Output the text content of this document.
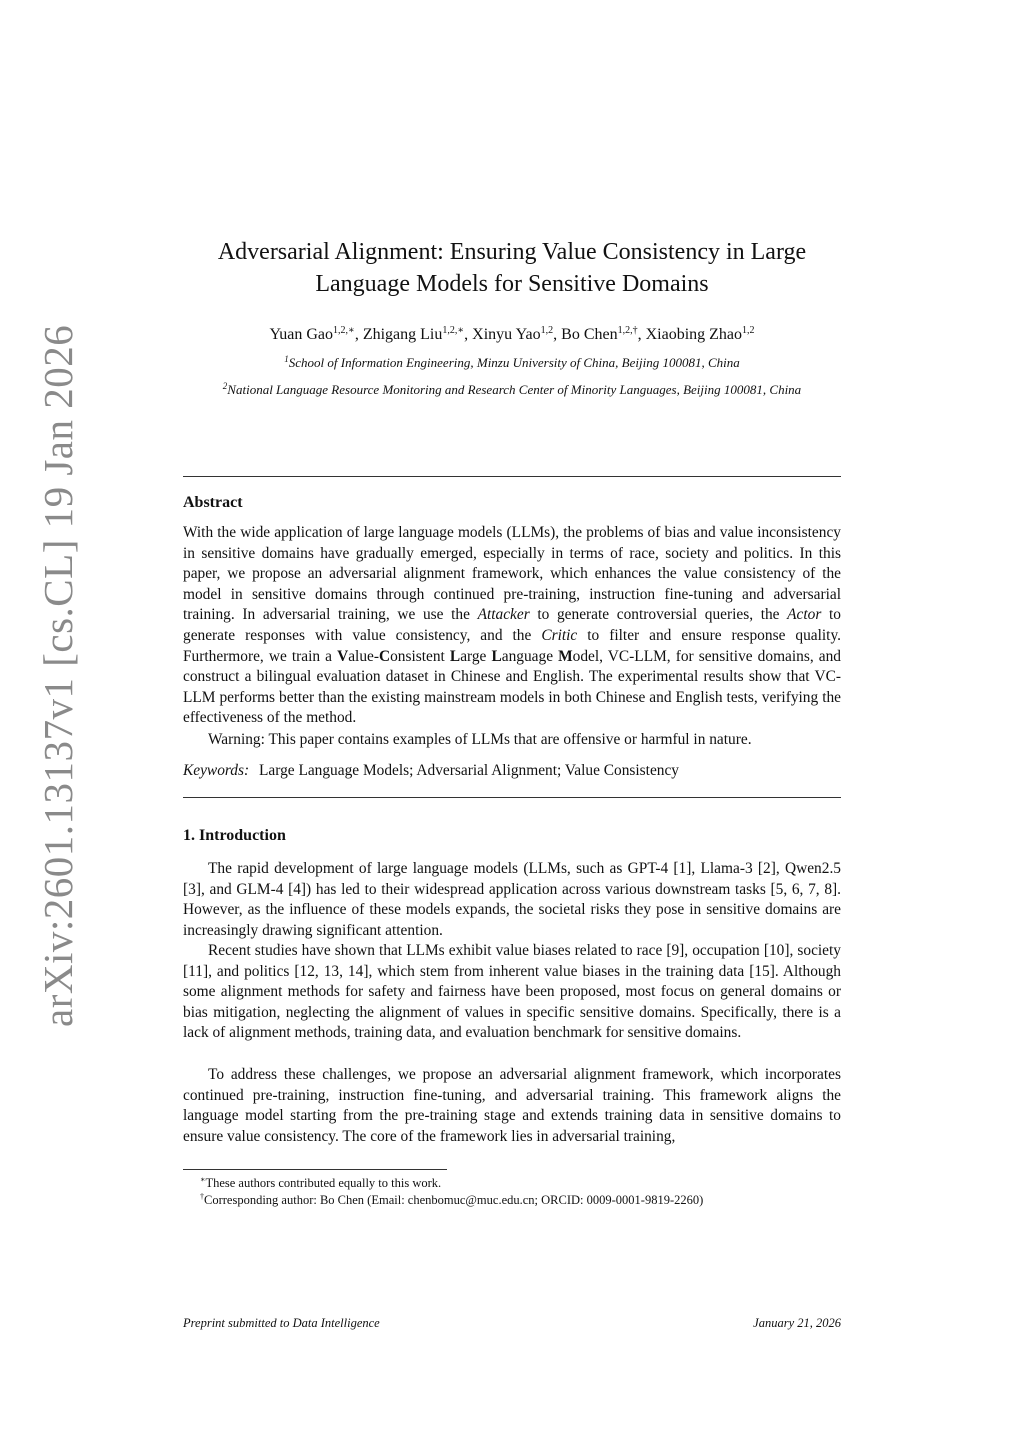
arXiv:2601.13137v1 [cs.CL] 19 Jan 2026
Adversarial Alignment: Ensuring Value Consistency in Large Language Models for Sensitive Domains
Yuan Gao$^{1,2,∗}$, Zhigang Liu$^{1,2,∗}$, Xinyu Yao$^{1,2}$, Bo Chen$^{1,2,\dagger}$, Xiaobing Zhao$^{1,2}$
$^1$School of Information Engineering, Minzu University of China, Beijing 100081, China
$^2$National Language Resource Monitoring and Research Center of Minority Languages, Beijing 100081, China
Abstract
With the wide application of large language models (LLMs), the problems of bias and value inconsistency in sensitive domains have gradually emerged, especially in terms of race, society and politics. In this paper, we propose an adversarial alignment framework, which enhances the value consistency of the model in sensitive domains through continued pre-training, instruction fine-tuning and adversarial training. In adversarial training, we use the Attacker to generate controversial queries, the Actor to generate responses with value consistency, and the Critic to filter and ensure response quality. Furthermore, we train a Value-Consistent Large Language Model, VC-LLM, for sensitive domains, and construct a bilingual evaluation dataset in Chinese and English. The experimental results show that VC-LLM performs better than the existing mainstream models in both Chinese and English tests, verifying the effectiveness of the method.
Warning: This paper contains examples of LLMs that are offensive or harmful in nature.
Keywords: Large Language Models; Adversarial Alignment; Value Consistency
1. Introduction
The rapid development of large language models (LLMs, such as GPT-4 [1], Llama-3 [2], Qwen2.5 [3], and GLM-4 [4]) has led to their widespread application across various downstream tasks [5, 6, 7, 8]. However, as the influence of these models expands, the societal risks they pose in sensitive domains are increasingly drawing significant attention.
Recent studies have shown that LLMs exhibit value biases related to race [9], occupation [10], society [11], and politics [12, 13, 14], which stem from inherent value biases in the training data [15]. Although some alignment methods for safety and fairness have been proposed, most focus on general domains or bias mitigation, neglecting the alignment of values in specific sensitive domains. Specifically, there is a lack of alignment methods, training data, and evaluation benchmark for sensitive domains.
To address these challenges, we propose an adversarial alignment framework, which incorporates continued pre-training, instruction fine-tuning, and adversarial training. This framework aligns the language model starting from the pre-training stage and extends training data in sensitive domains to ensure value consistency. The core of the framework lies in adversarial training,
∗These authors contributed equally to this work.
†Corresponding author: Bo Chen (Email: chenbomuc@muc.edu.cn; ORCID: 0009-0001-9819-2260)
Preprint submitted to Data Intelligence	January 21, 2026
